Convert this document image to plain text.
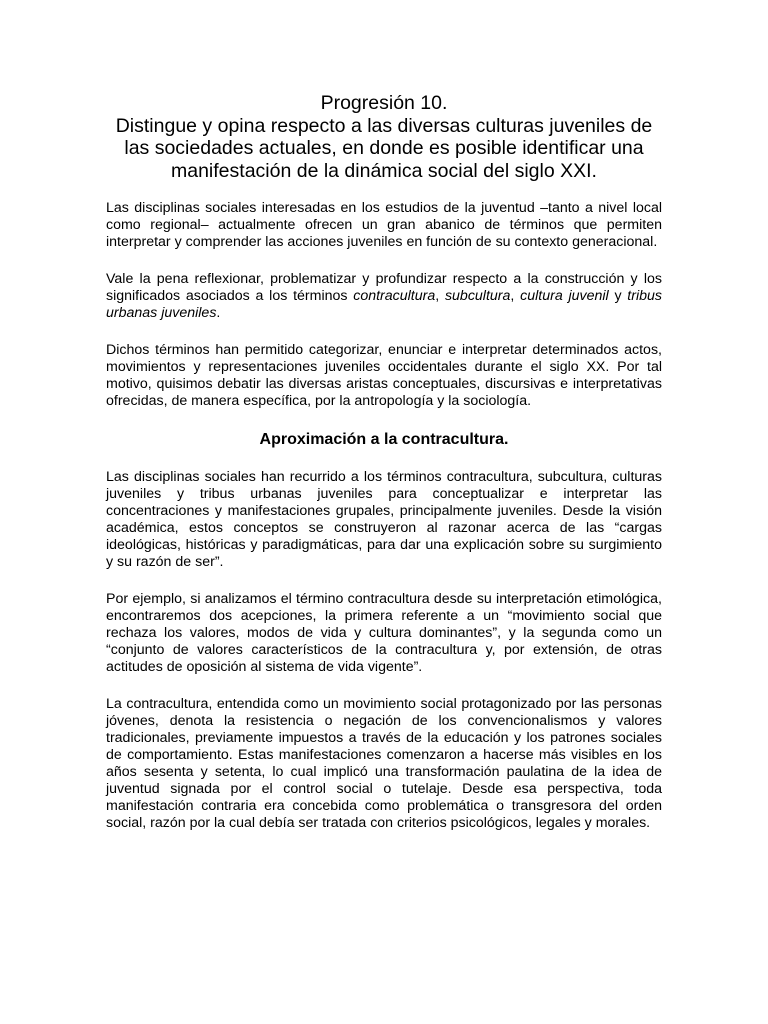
Progresión 10.
Distingue y opina respecto a las diversas culturas juveniles de las sociedades actuales, en donde es posible identificar una manifestación de la dinámica social del siglo XXI.

Las disciplinas sociales interesadas en los estudios de la juventud –tanto a nivel local como regional– actualmente ofrecen un gran abanico de términos que permiten interpretar y comprender las acciones juveniles en función de su contexto generacional.

Vale la pena reflexionar, problematizar y profundizar respecto a la construcción y los significados asociados a los términos contracultura, subcultura, cultura juvenil y tribus urbanas juveniles.

Dichos términos han permitido categorizar, enunciar e interpretar determinados actos, movimientos y representaciones juveniles occidentales durante el siglo XX. Por tal motivo, quisimos debatir las diversas aristas conceptuales, discursivas e interpretativas ofrecidas, de manera específica, por la antropología y la sociología.

Aproximación a la contracultura.

Las disciplinas sociales han recurrido a los términos contracultura, subcultura, culturas juveniles y tribus urbanas juveniles para conceptualizar e interpretar las concentraciones y manifestaciones grupales, principalmente juveniles. Desde la visión académica, estos conceptos se construyeron al razonar acerca de las “cargas ideológicas, históricas y paradigmáticas, para dar una explicación sobre su surgimiento y su razón de ser”.

Por ejemplo, si analizamos el término contracultura desde su interpretación etimológica, encontraremos dos acepciones, la primera referente a un “movimiento social que rechaza los valores, modos de vida y cultura dominantes”, y la segunda como un “conjunto de valores característicos de la contracultura y, por extensión, de otras actitudes de oposición al sistema de vida vigente”.

La contracultura, entendida como un movimiento social protagonizado por las personas jóvenes, denota la resistencia o negación de los convencionalismos y valores tradicionales, previamente impuestos a través de la educación y los patrones sociales de comportamiento. Estas manifestaciones comenzaron a hacerse más visibles en los años sesenta y setenta, lo cual implicó una transformación paulatina de la idea de juventud signada por el control social o tutelaje. Desde esa perspectiva, toda manifestación contraria era concebida como problemática o transgresora del orden social, razón por la cual debía ser tratada con criterios psicológicos, legales y morales.
